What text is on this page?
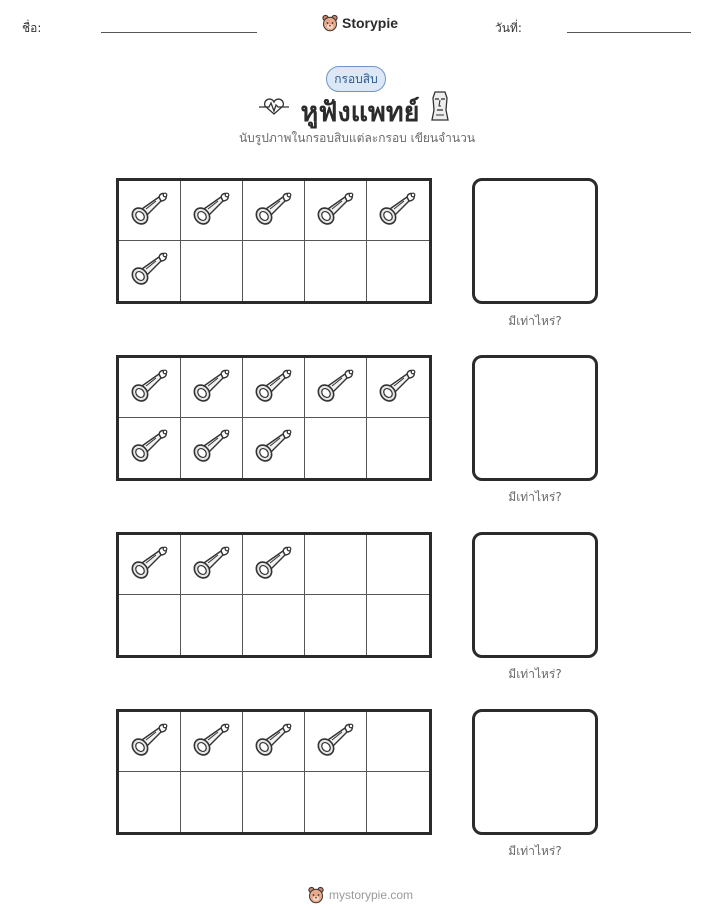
ชื่อ:	วันที่:
Storypie
กรอบสิบ
หูฟังแพทย์
นับรูปภาพในกรอบสิบแต่ละกรอบ เขียนจำนวน
มีเท่าไหร่?
มีเท่าไหร่?
มีเท่าไหร่?
มีเท่าไหร่?
mystorypie.com
